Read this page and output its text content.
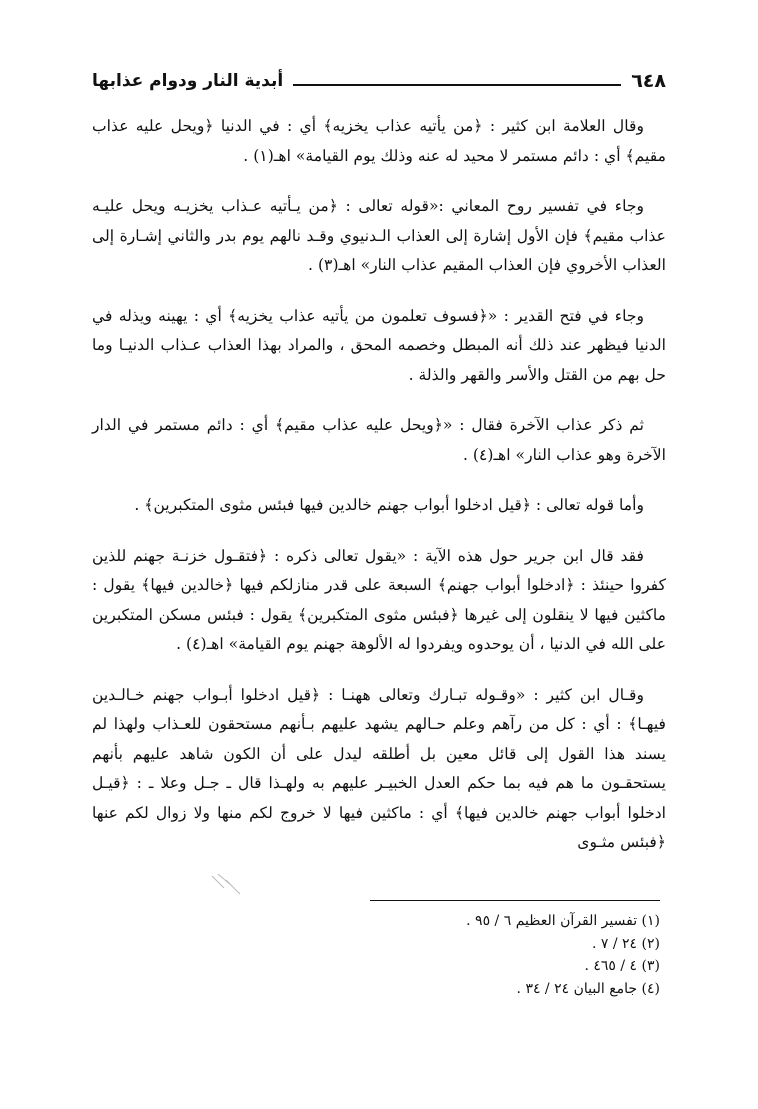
٦٤٨
أبدية النار ودوام عذابها

وقال العلامة ابن كثير : ﴿من يأتيه عذاب يخزيه﴾ أي : في الدنيا ﴿ويحل عليه عذاب مقيم﴾ أي : دائم مستمر لا محيد له عنه وذلك يوم القيامة» اهـ(١) .

وجاء في تفسير روح المعاني :«قوله تعالى : ﴿من يـأتيه عـذاب يخزيـه ويحل عليـه عذاب مقيم﴾ فإن الأول إشارة إلى العذاب الـدنيوي وقـد نالهم يوم بدر والثاني إشـارة إلى العذاب الأخروي فإن العذاب المقيم عذاب النار» اهـ(٣) .

وجاء في فتح القدير : «﴿فسوف تعلمون من يأتيه عذاب يخزيه﴾ أي : يهينه ويذله في الدنيا فيظهر عند ذلك أنه المبطل وخصمه المحق ، والمراد بهذا العذاب عـذاب الدنيـا وما حل بهم من القتل والأسر والقهر والذلة .

ثم ذكر عذاب الآخرة فقال : «﴿ويحل عليه عذاب مقيم﴾ أي : دائم مستمر في الدار الآخرة وهو عذاب النار» اهـ(٤) .

وأما قوله تعالى : ﴿قيل ادخلوا أبواب جهنم خالدين فيها فبئس مثوى المتكبرين﴾ .

فقد قال ابن جرير حول هذه الآية : «يقول تعالى ذكره : ﴿فتقـول خزنـة جهنم للذين كفروا حينئذ : ﴿ادخلوا أبواب جهنم﴾ السبعة على قدر منازلكم فيها ﴿خالدين فيها﴾ يقول : ماكثين فيها لا ينقلون إلى غيرها ﴿فبئس مثوى المتكبرين﴾ يقول : فبئس مسكن المتكبرين على الله في الدنيا ، أن يوحدوه ويفردوا له الألوهة جهنم يوم القيامة» اهـ(٤) .

وقـال ابن كثير : «وقـوله تبـارك وتعالى ههنـا : ﴿قيل ادخلوا أبـواب جهنم خـالـدين فيهـا﴾ : أي : كل من رآهم وعلم حـالهم يشهد عليهم بـأنهم مستحقون للعـذاب ولهذا لم يسند هذا القول إلى قائل معين بل أطلقه ليدل على أن الكون شاهد عليهم بأنهم يستحقـون ما هم فيه بما حكم العدل الخبيـر عليهم به ولهـذا قال ـ جـل وعلا ـ : ﴿قيـل ادخلوا أبواب جهنم خالدين فيها﴾ أي : ماكثين فيها لا خروج لكم منها ولا زوال لكم عنها ﴿فبئس مثـوى

(١) تفسير القرآن العظيم ٦ / ٩٥ .
(٢) ٢٤ / ٧ .
(٣) ٤ / ٤٦٥ .
(٤) جامع البيان ٢٤ / ٣٤ .
